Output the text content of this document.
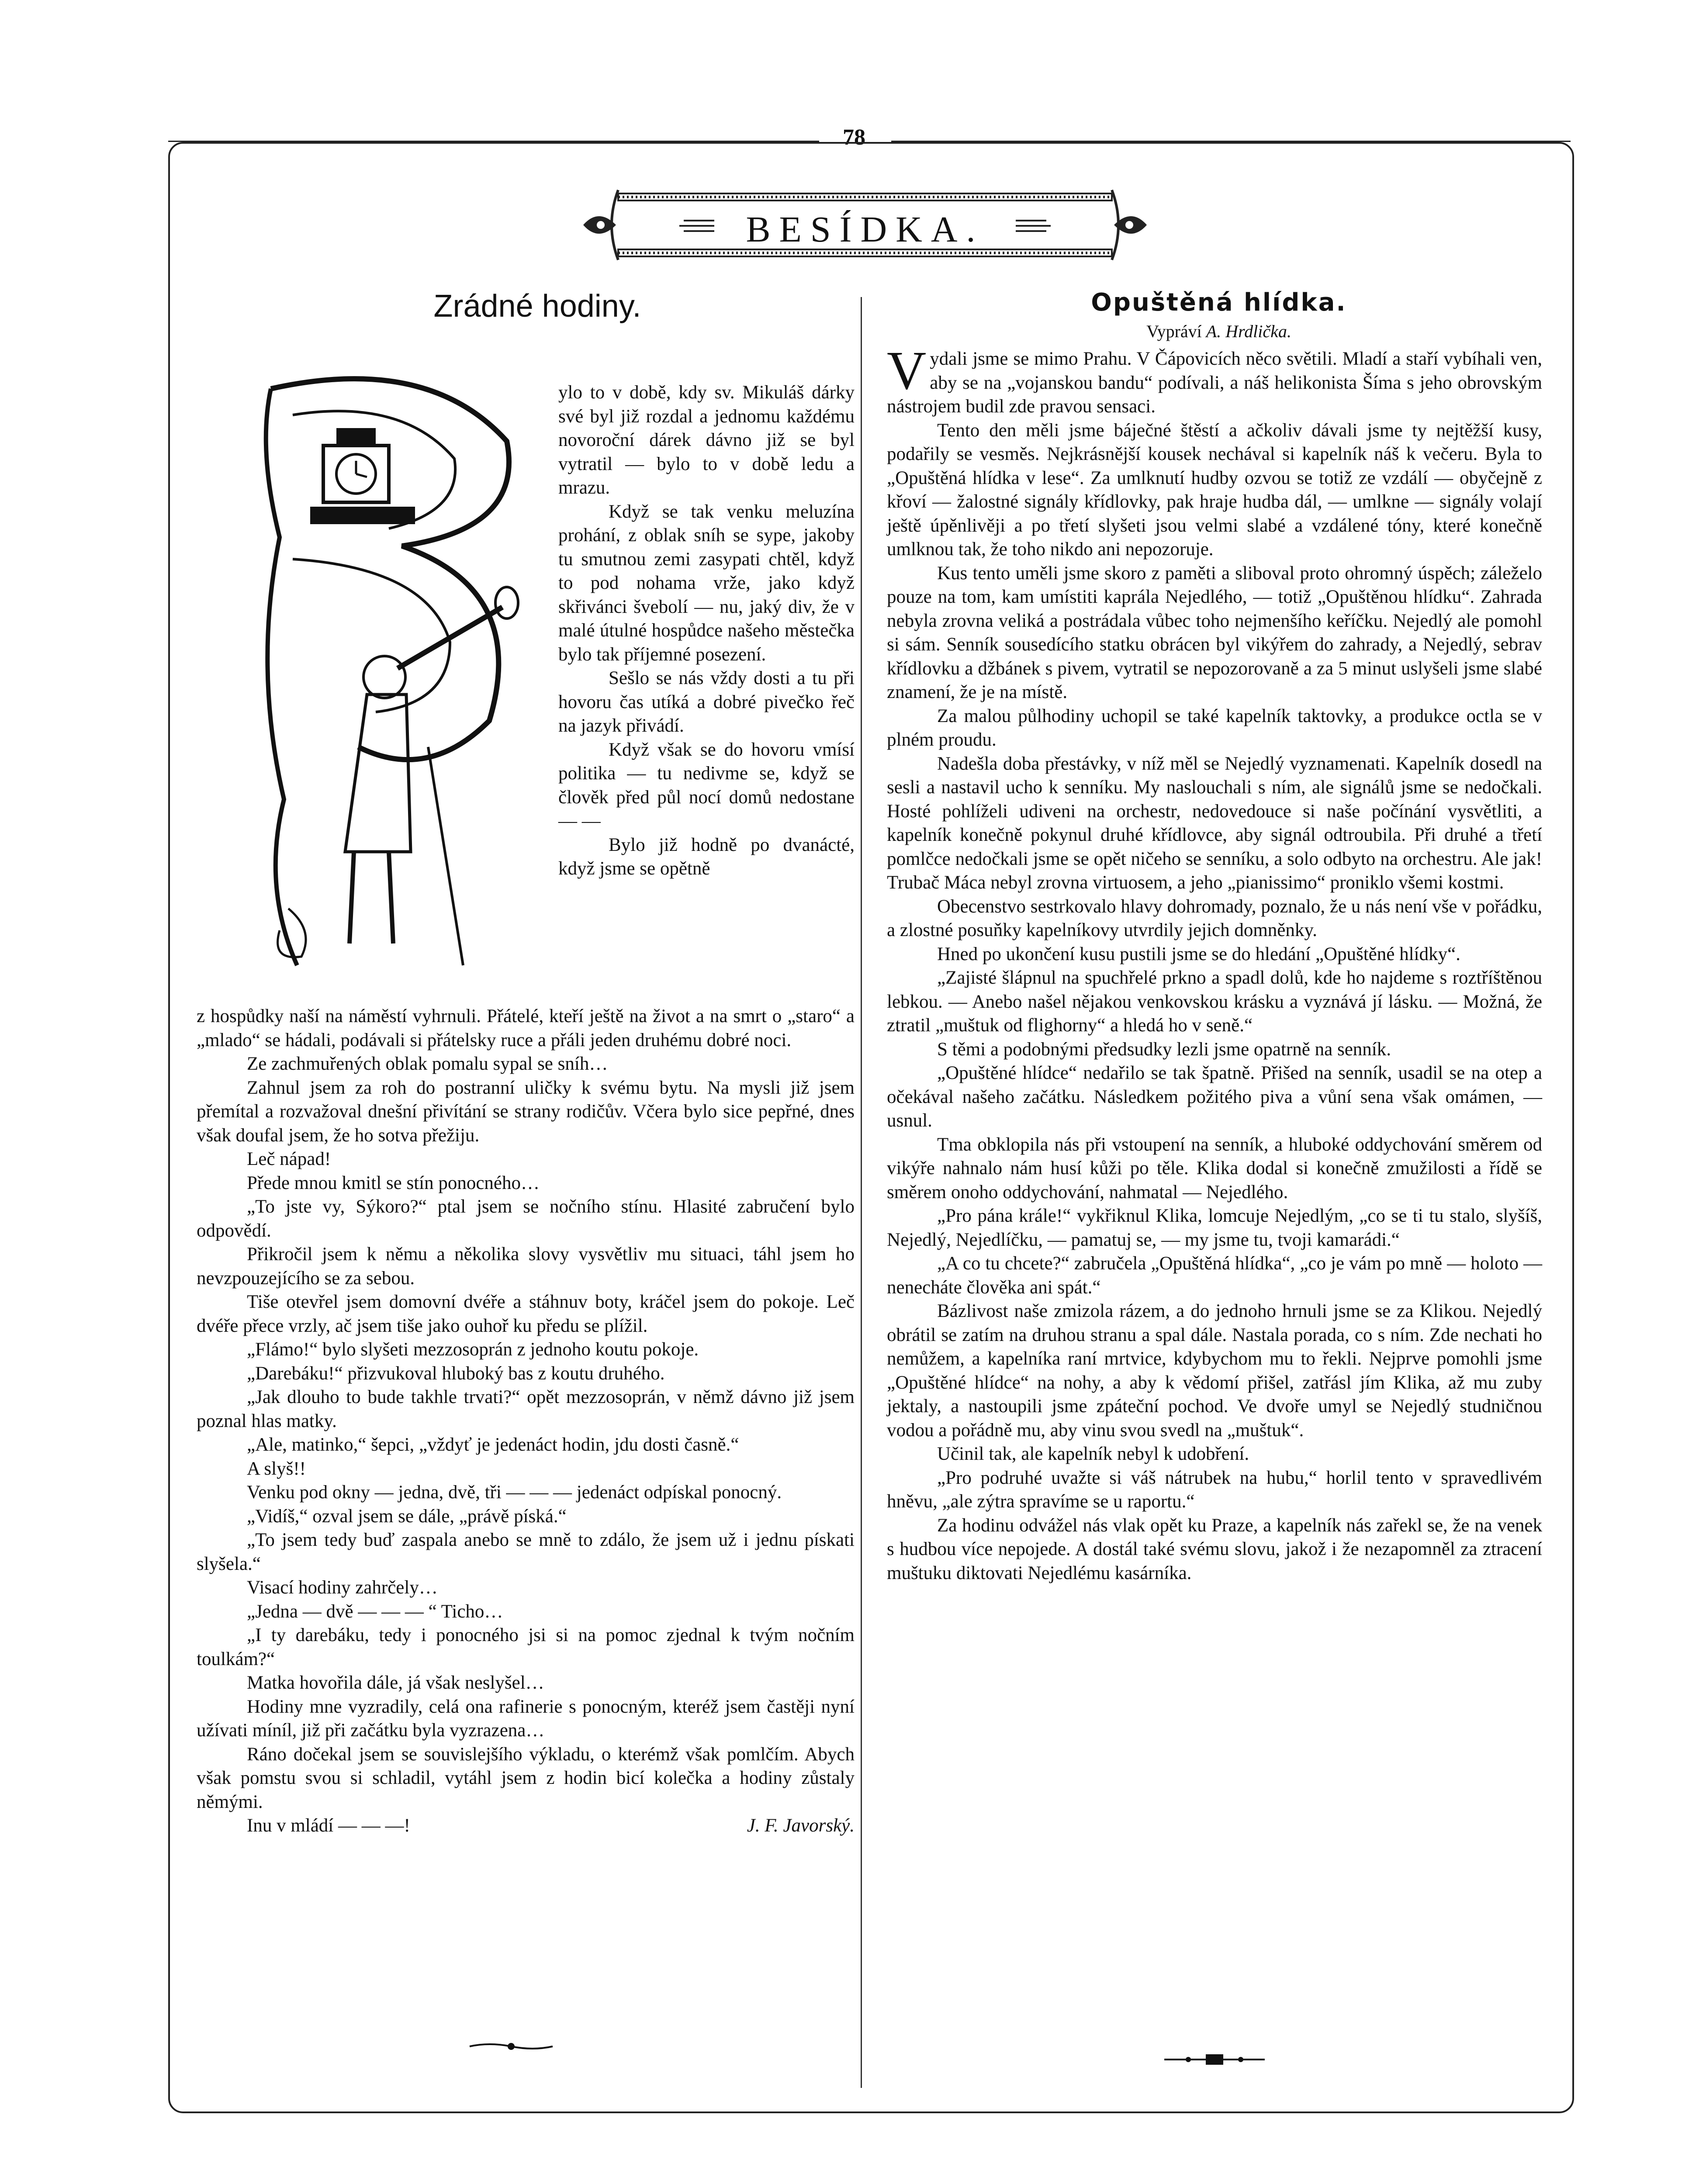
78
BESÍDKA.
Zrádné hodiny.

ylo to v době, kdy sv. Mikuláš dárky své byl již rozdal a jednomu každému novoroční dárek dávno již se byl vytratil — bylo to v době ledu a mrazu.

Když se tak venku meluzína prohání, z oblak sníh se sype, jakoby tu smutnou zemi zasypati chtěl, když to pod nohama vrže, jako když skřivánci švebolí — nu, jaký div, že v malé útulné hospůdce našeho městečka bylo tak příjemné posezení.

Sešlo se nás vždy dosti a tu při hovoru čas utíká a dobré pivečko řeč na jazyk přivádí.

Když však se do hovoru vmísí politika — tu nedivme se, když se člověk před půl nocí domů nedostane — —

Bylo již hodně po dvanácté, když jsme se opětně

z hospůdky naší na náměstí vyhrnuli. Přátelé, kteří ještě na život a na smrt o „staro“ a „mlado“ se hádali, podávali si přátelsky ruce a přáli jeden druhému dobré noci.

Ze zachmuřených oblak pomalu sypal se sníh…

Zahnul jsem za roh do postranní uličky k svému bytu. Na mysli již jsem přemítal a rozvažoval dnešní přivítání se strany rodičův. Včera bylo sice pepřné, dnes však doufal jsem, že ho sotva přežiju.

Leč nápad!

Přede mnou kmitl se stín ponocného…

„To jste vy, Sýkoro?“ ptal jsem se nočního stínu. Hlasité zabručení bylo odpovědí.

Přikročil jsem k němu a několika slovy vysvětliv mu situaci, táhl jsem ho nevzpouzejícího se za sebou.

Tiše otevřel jsem domovní dvéře a stáhnuv boty, kráčel jsem do pokoje. Leč dvéře přece vrzly, ač jsem tiše jako ouhoř ku předu se plížil.

„Flámo!“ bylo slyšeti mezzosoprán z jednoho koutu pokoje.

„Darebáku!“ přizvukoval hluboký bas z koutu druhého.

„Jak dlouho to bude takhle trvati?“ opět mezzosoprán, v němž dávno již jsem poznal hlas matky.

„Ale, matinko,“ šepci, „vždyť je jedenáct hodin, jdu dosti časně.“

A slyš!!

Venku pod okny — jedna, dvě, tři — — — jedenáct odpískal ponocný.

„Vidíš,“ ozval jsem se dále, „právě píská.“

„To jsem tedy buď zaspala anebo se mně to zdálo, že jsem už i jednu pískati slyšela.“

Visací hodiny zahrčely…

„Jedna — dvě — — — “ Ticho…

„I ty darebáku, tedy i ponocného jsi si na pomoc zjednal k tvým nočním toulkám?“

Matka hovořila dále, já však neslyšel…

Hodiny mne vyzradily, celá ona rafinerie s ponocným, kteréž jsem častěji nyní užívati míníl, již při začátku byla vyzrazena…

Ráno dočekal jsem se souvislejšího výkladu, o kterémž však pomlčím. Abych však pomstu svou si schladil, vytáhl jsem z hodin bicí kolečka a hodiny zůstaly němými.

Inu v mládí — — —!	J. F. Javorský.
Opuštěná hlídka.
Vypráví A. Hrdlička.

Vydali jsme se mimo Prahu. V Čápovicích něco světili. Mladí a staří vybíhali ven, aby se na „vojanskou bandu“ podívali, a náš helikonista Šíma s jeho obrovským nástrojem budil zde pravou sensaci.

Tento den měli jsme báječné štěstí a ačkoliv dávali jsme ty nejtěžší kusy, podařily se vesměs. Nejkrásnější kousek nechával si kapelník náš k večeru. Byla to „Opuštěná hlídka v lese“. Za umlknutí hudby ozvou se totiž ze vzdálí — obyčejně z křoví — žalostné signály křídlovky, pak hraje hudba dál, — umlkne — signály volají ještě úpěnlivěji a po třetí slyšeti jsou velmi slabé a vzdálené tóny, které konečně umlknou tak, že toho nikdo ani nepozoruje.

Kus tento uměli jsme skoro z paměti a sliboval proto ohromný úspěch; záleželo pouze na tom, kam umístiti kaprála Nejedlého, — totiž „Opuštěnou hlídku“. Zahrada nebyla zrovna veliká a postrádala vůbec toho nejmenšího keříčku. Nejedlý ale pomohl si sám. Senník sousedícího statku obrácen byl vikýřem do zahrady, a Nejedlý, sebrav křídlovku a džbánek s pivem, vytratil se nepozorovaně a za 5 minut uslyšeli jsme slabé znamení, že je na místě.

Za malou půlhodiny uchopil se také kapelník taktovky, a produkce octla se v plném proudu.

Nadešla doba přestávky, v níž měl se Nejedlý vyznamenati. Kapelník dosedl na sesli a nastavil ucho k senníku. My naslouchali s ním, ale signálů jsme se nedočkali. Hosté pohlíželi udiveni na orchestr, nedovedouce si naše počínání vysvětliti, a kapelník konečně pokynul druhé křídlovce, aby signál odtroubila. Při druhé a třetí pomlčce nedočkali jsme se opět ničeho se senníku, a solo odbyto na orchestru. Ale jak! Trubač Máca nebyl zrovna virtuosem, a jeho „pianissimo“ proniklo všemi kostmi.

Obecenstvo sestrkovalo hlavy dohromady, poznalo, že u nás není vše v pořádku, a zlostné posuňky kapelníkovy utvrdily jejich domněnky.

Hned po ukončení kusu pustili jsme se do hledání „Opuštěné hlídky“.

„Zajisté šlápnul na spuchřelé prkno a spadl dolů, kde ho najdeme s roztříštěnou lebkou. — Anebo našel nějakou venkovskou krásku a vyznává jí lásku. — Možná, že ztratil „muštuk od flighorny“ a hledá ho v seně.“

S těmi a podobnými předsudky lezli jsme opatrně na senník.

„Opuštěné hlídce“ nedařilo se tak špatně. Přišed na senník, usadil se na otep a očekával našeho začátku. Následkem požitého piva a vůní sena však omámen, — usnul.

Tma obklopila nás při vstoupení na senník, a hluboké oddychování směrem od vikýře nahnalo nám husí kůži po těle. Klika dodal si konečně zmužilosti a řídě se směrem onoho oddychování, nahmatal — Nejedlého.

„Pro pána krále!“ vykřiknul Klika, lomcuje Nejedlým, „co se ti tu stalo, slyšíš, Nejedlý, Nejedlíčku, — pamatuj se, — my jsme tu, tvoji kamarádi.“

„A co tu chcete?“ zabručela „Opuštěná hlídka“, „co je vám po mně — holoto — nenecháte člověka ani spát.“

Bázlivost naše zmizola rázem, a do jednoho hrnuli jsme se za Klikou. Nejedlý obrátil se zatím na druhou stranu a spal dále. Nastala porada, co s ním. Zde nechati ho nemůžem, a kapelníka raní mrtvice, kdybychom mu to řekli. Nejprve pomohli jsme „Opuštěné hlídce“ na nohy, a aby k vědomí přišel, zatřásl jím Klika, až mu zuby jektaly, a nastoupili jsme zpáteční pochod. Ve dvoře umyl se Nejedlý studničnou vodou a pořádně mu, aby vinu svou svedl na „muštuk“.

Učinil tak, ale kapelník nebyl k udobření.

„Pro podruhé uvažte si váš nátrubek na hubu,“ horlil tento v spravedlivém hněvu, „ale zýtra spravíme se u raportu.“

Za hodinu odvážel nás vlak opět ku Praze, a kapelník nás zařekl se, že na venek s hudbou více nepojede. A dostál také svému slovu, jakož i že nezapomněl za ztracení muštuku diktovati Nejedlému kasárníka.
